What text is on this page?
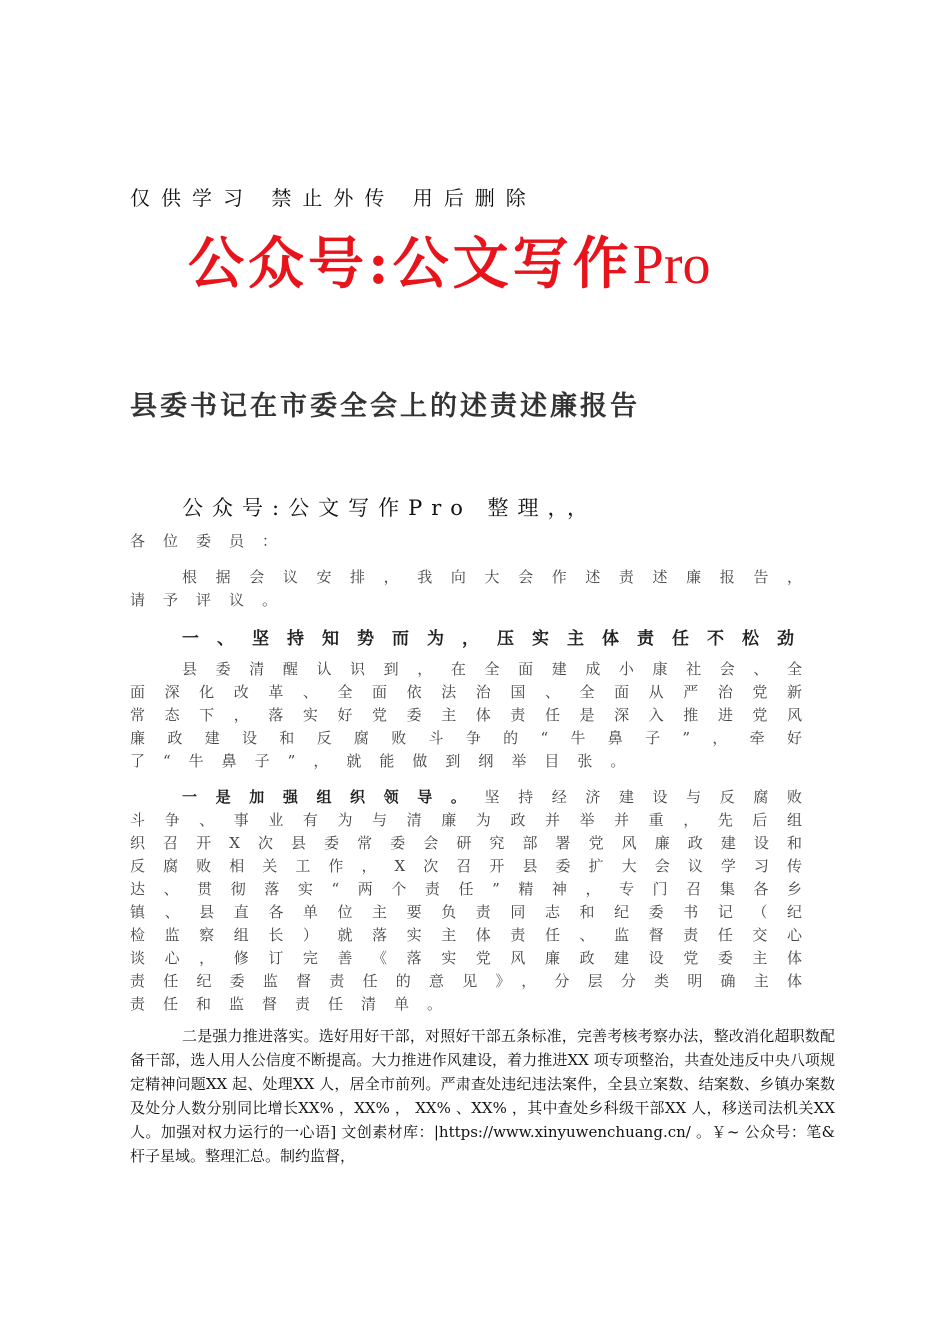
仅供学习 禁止外传 用后删除
公众号:公文写作Pro
县委书记在市委全会上的述责述廉报告
公众号:公文写作Pro 整理，，

各位委员：

根据会议安排，我向大会作述责述廉报告，请予评议。

一、坚持知势而为，压实主体责任不松劲

县委清醒认识到，在全面建成小康社会、全面深化改革、全面依法治国、全面从严治党新常态下，落实好党委主体责任是深入推进党风廉政建设和反腐败斗争的“牛鼻子”，牵好了“牛鼻子”，就能做到纲举目张。

一是加强组织领导。坚持经济建设与反腐败斗争、事业有为与清廉为政并举并重，先后组织召开X次县委常委会研究部署党风廉政建设和反腐败相关工作，X次召开县委扩大会议学习传达、贯彻落实“两个责任”精神，专门召集各乡镇、县直各单位主要负责同志和纪委书记（纪检监察组长）就落实主体责任、监督责任交心谈心，修订完善《落实党风廉政建设党委主体责任纪委监督责任的意见》，分层分类明确主体责任和监督责任清单。

二是强力推进落实。选好用好干部，对照好干部五条标准，完善考核考察办法，整改消化超职数配备干部，选人用人公信度不断提高。大力推进作风建设，着力推进XX 项专项整治，共查处违反中央八项规定精神问题XX 起、处理XX 人，居全市前列。严肃查处违纪违法案件，全县立案数、结案数、乡镇办案数及处分人数分别同比增长XX% ，XX% ， XX% 、XX% ，其中查处乡科级干部XX 人，移送司法机关XX 人。加强对权力运行的一心语] 文创素材库：|https://www.xinyuwenchuang.cn/ 。￥~ 公众号：笔& 杆子星域。整理汇总。制约监督，
